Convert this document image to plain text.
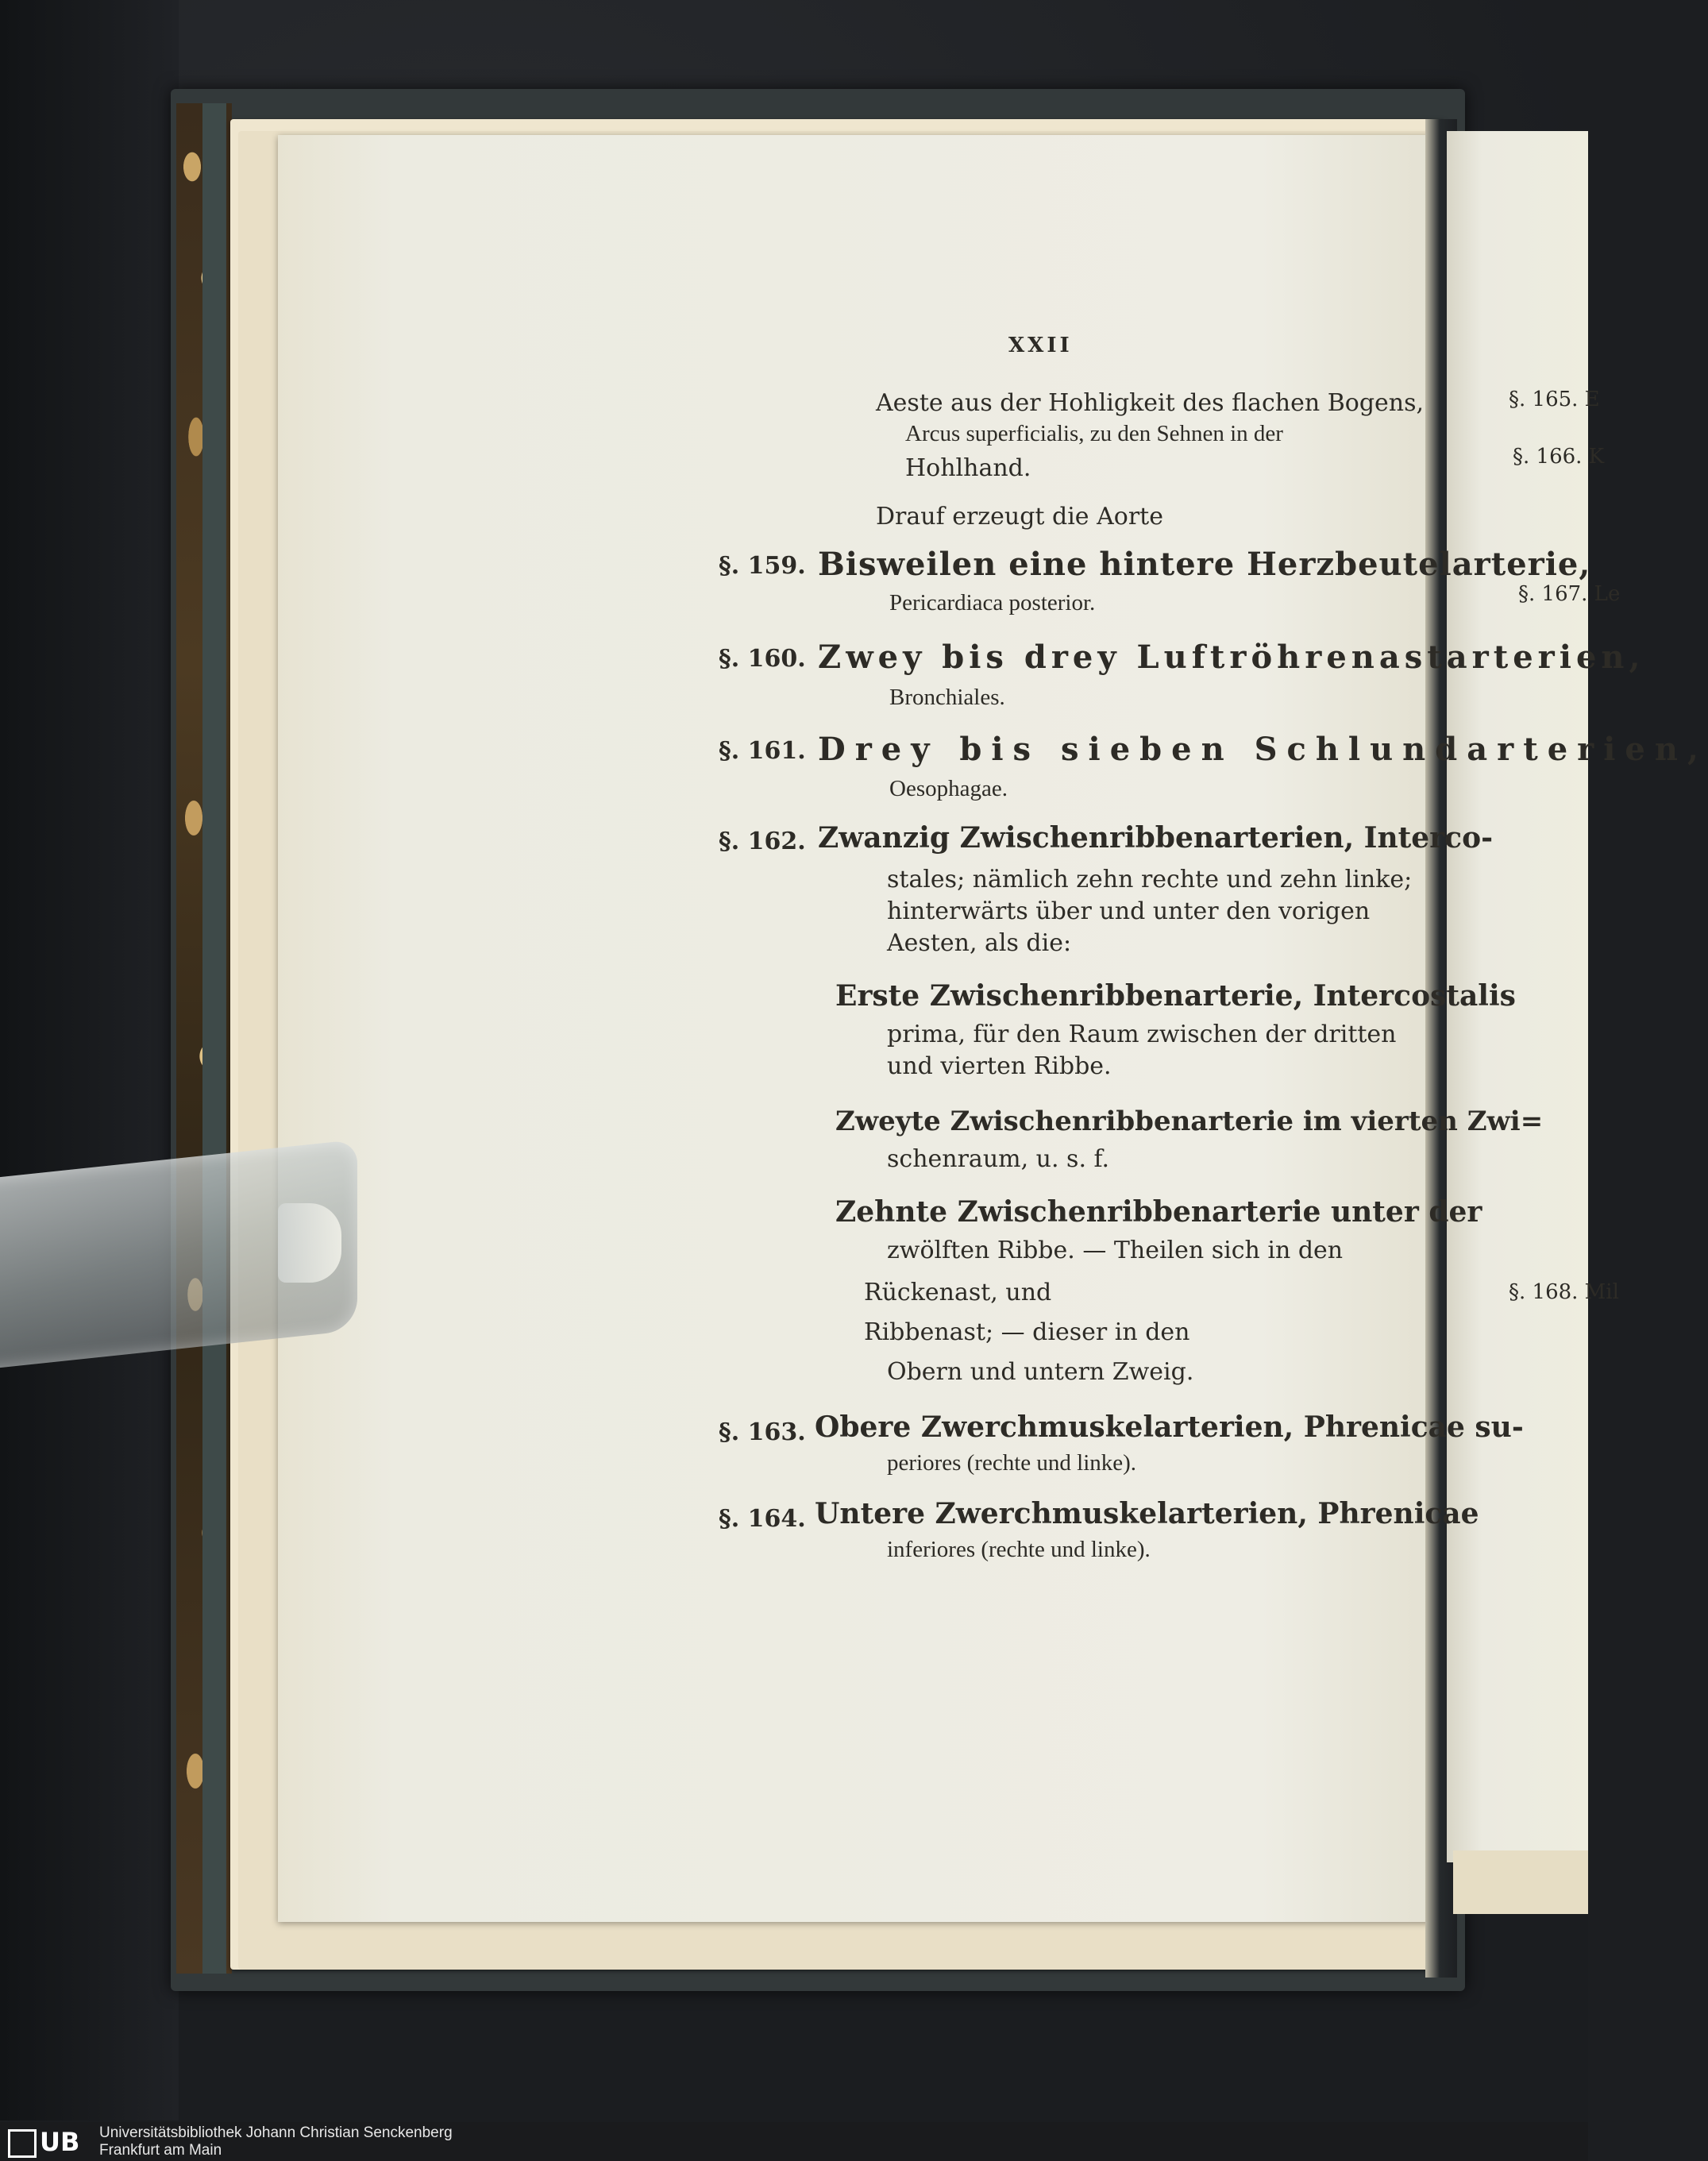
XXII
Aeste aus der Hohligkeit des flachen Bogens,
Arcus superficialis, zu den Sehnen in der
Hohlhand.
Drauf erzeugt die Aorte
§. 159. Bisweilen eine hintere Herzbeutelarterie,
Pericardiaca posterior.
§. 160. Zwey bis drey Luftröhrenastarterien,
Bronchiales.
§. 161. Drey bis sieben Schlundarterien,
Oesophagae.
§. 162. Zwanzig Zwischenribbenarterien, Interco-
stales; nämlich zehn rechte und zehn linke;
hinterwärts über und unter den vorigen
Aesten, als die:
Erste Zwischenribbenarterie, Intercostalis
prima, für den Raum zwischen der dritten
und vierten Ribbe.
Zweyte Zwischenribbenarterie im vierten Zwi=
schenraum, u. s. f.
Zehnte Zwischenribbenarterie unter der
zwölften Ribbe. — Theilen sich in den
Rückenast, und
Ribbenast; — dieser in den
Obern und untern Zweig.
§. 163. Obere Zwerchmuskelarterien, Phrenicae su-
periores (rechte und linke).
§. 164. Untere Zwerchmuskelarterien, Phrenicae
inferiores (rechte und linke).
§. 165. E
§. 166. K
§. 167. Le
§. 168. Mil
UB	Universitätsbibliothek Johann Christian Senckenberg
Frankfurt am Main
